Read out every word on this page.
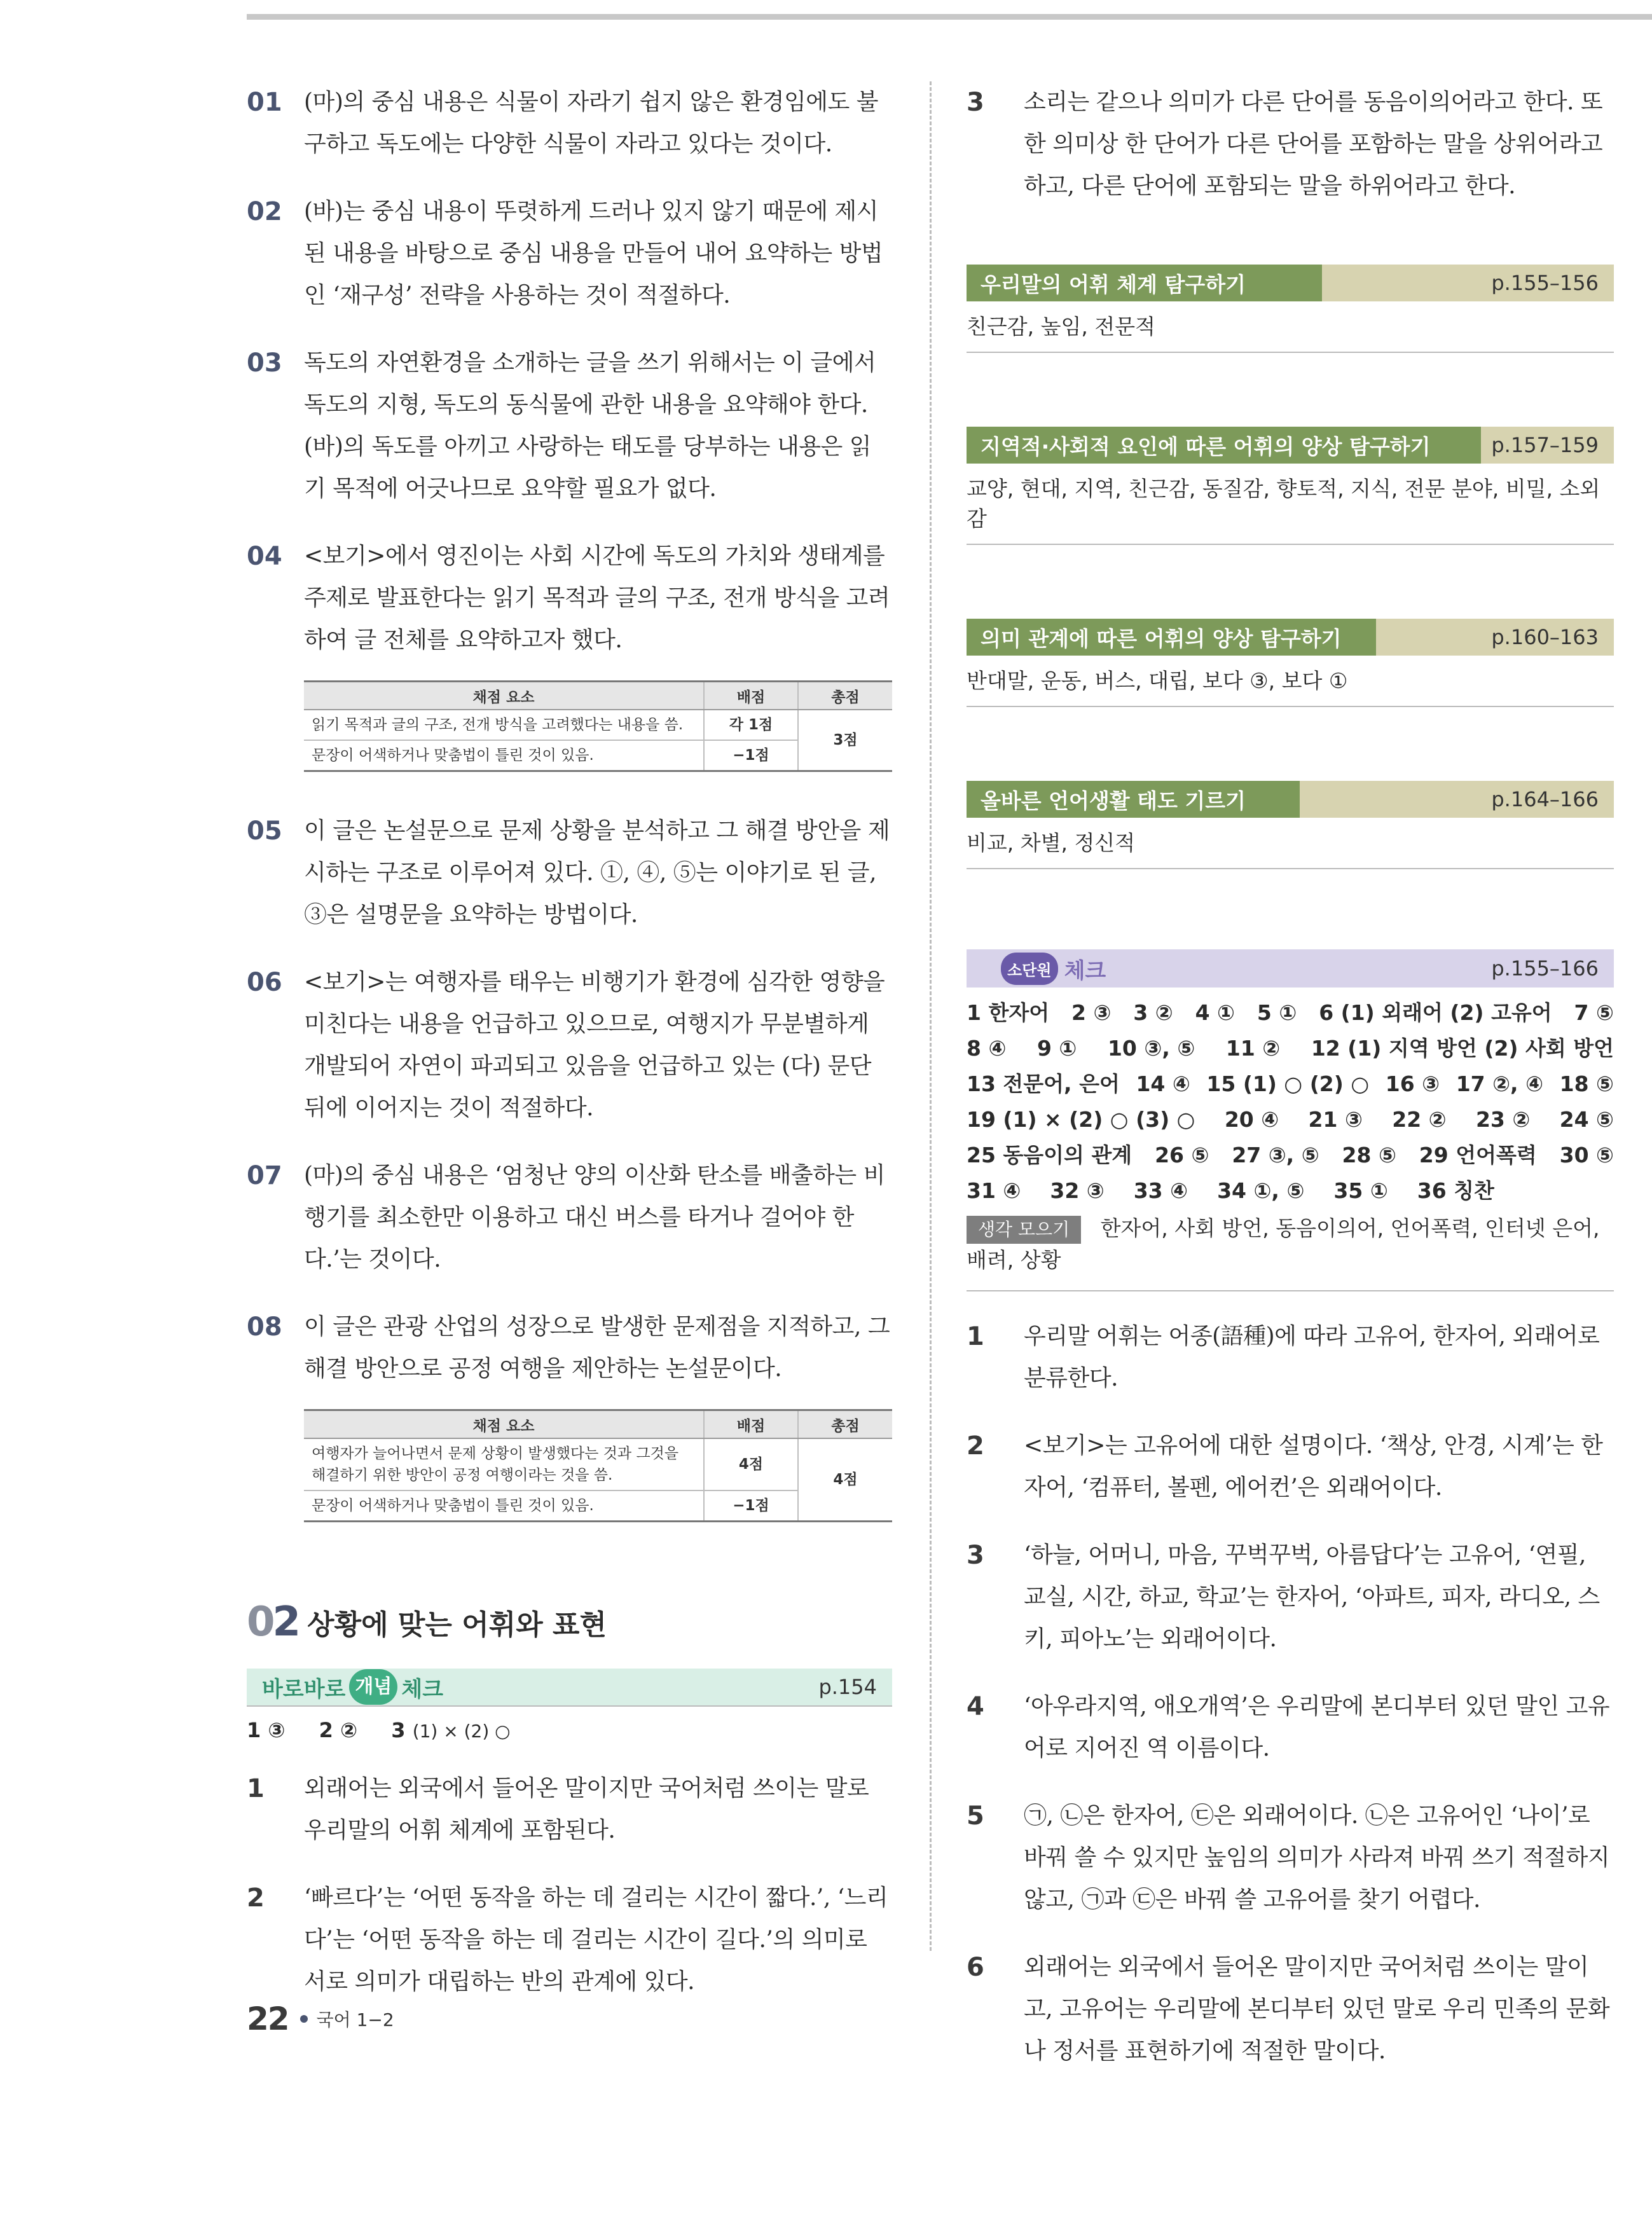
01 (마)의 중심 내용은 식물이 자라기 쉽지 않은 환경임에도 불구하고 독도에는 다양한 식물이 자라고 있다는 것이다.
02 (바)는 중심 내용이 뚜렷하게 드러나 있지 않기 때문에 제시된 내용을 바탕으로 중심 내용을 만들어 내어 요약하는 방법인 ‘재구성’ 전략을 사용하는 것이 적절하다.
03 독도의 자연환경을 소개하는 글을 쓰기 위해서는 이 글에서 독도의 지형, 독도의 동식물에 관한 내용을 요약해야 한다. (바)의 독도를 아끼고 사랑하는 태도를 당부하는 내용은 읽기 목적에 어긋나므로 요약할 필요가 없다.
04 <보기>에서 영진이는 사회 시간에 독도의 가치와 생태계를 주제로 발표한다는 읽기 목적과 글의 구조, 전개 방식을 고려하여 글 전체를 요약하고자 했다.
채점 요소	배점	총점
읽기 목적과 글의 구조, 전개 방식을 고려했다는 내용을 씀.	각 1점	3점
문장이 어색하거나 맞춤법이 틀린 것이 있음.	−1점	
05 이 글은 논설문으로 문제 상황을 분석하고 그 해결 방안을 제시하는 구조로 이루어져 있다. ①, ④, ⑤는 이야기로 된 글, ③은 설명문을 요약하는 방법이다.
06 <보기>는 여행자를 태우는 비행기가 환경에 심각한 영향을 미친다는 내용을 언급하고 있으므로, 여행지가 무분별하게 개발되어 자연이 파괴되고 있음을 언급하고 있는 (다) 문단 뒤에 이어지는 것이 적절하다.
07 (마)의 중심 내용은 ‘엄청난 양의 이산화 탄소를 배출하는 비행기를 최소한만 이용하고 대신 버스를 타거나 걸어야 한다.’는 것이다.
08 이 글은 관광 산업의 성장으로 발생한 문제점을 지적하고, 그 해결 방안으로 공정 여행을 제안하는 논설문이다.
채점 요소	배점	총점
여행자가 늘어나면서 문제 상황이 발생했다는 것과 그것을 해결하기 위한 방안이 공정 여행이라는 것을 씀.	4점	4점
문장이 어색하거나 맞춤법이 틀린 것이 있음.	−1점	
02 상황에 맞는 어휘와 표현
바로바로 개념 체크	p.154
1 ③ 2 ② 3 (1) × (2) ○
1	외래어는 외국에서 들어온 말이지만 국어처럼 쓰이는 말로 우리말의 어휘 체계에 포함된다.
2	‘빠르다’는 ‘어떤 동작을 하는 데 걸리는 시간이 짧다.’, ‘느리다’는 ‘어떤 동작을 하는 데 걸리는 시간이 길다.’의 의미로 서로 의미가 대립하는 반의 관계에 있다.
3	소리는 같으나 의미가 다른 단어를 동음이의어라고 한다. 또 한 의미상 한 단어가 다른 단어를 포함하는 말을 상위어라고 하고, 다른 단어에 포함되는 말을 하위어라고 한다.
우리말의 어휘 체계 탐구하기	p.155–156
친근감, 높임, 전문적
지역적·사회적 요인에 따른 어휘의 양상 탐구하기	p.157–159
교양, 현대, 지역, 친근감, 동질감, 향토적, 지식, 전문 분야, 비밀, 소외감
의미 관계에 따른 어휘의 양상 탐구하기	p.160–163
반대말, 운동, 버스, 대립, 보다 ③, 보다 ①
올바른 언어생활 태도 기르기	p.164–166
비교, 차별, 정신적
소단원 체크	p.155–166
1 한자어 2 ③ 3 ② 4 ① 5 ① 6 (1) 외래어 (2) 고유어 7 ⑤
8 ④ 9 ① 10 ③, ⑤ 11 ② 12 (1) 지역 방언 (2) 사회 방언
13 전문어, 은어 14 ④ 15 (1) ○ (2) ○ 16 ③ 17 ②, ④ 18 ⑤
19 (1) × (2) ○ (3) ○ 20 ④ 21 ③ 22 ② 23 ② 24 ⑤
25 동음이의 관계 26 ⑤ 27 ③, ⑤ 28 ⑤ 29 언어폭력 30 ⑤
31 ④ 32 ③ 33 ④ 34 ①, ⑤ 35 ① 36 칭찬
생각 모으기 한자어, 사회 방언, 동음이의어, 언어폭력, 인터넷 은어, 배려, 상황
1	우리말 어휘는 어종(語種)에 따라 고유어, 한자어, 외래어로 분류한다.
2	<보기>는 고유어에 대한 설명이다. ‘책상, 안경, 시계’는 한자어, ‘컴퓨터, 볼펜, 에어컨’은 외래어이다.
3	‘하늘, 어머니, 마음, 꾸벅꾸벅, 아름답다’는 고유어, ‘연필, 교실, 시간, 하교, 학교’는 한자어, ‘아파트, 피자, 라디오, 스키, 피아노’는 외래어이다.
4	‘아우라지역, 애오개역’은 우리말에 본디부터 있던 말인 고유어로 지어진 역 이름이다.
5	㉠, ㉡은 한자어, ㉢은 외래어이다. ㉡은 고유어인 ‘나이’로 바꿔 쓸 수 있지만 높임의 의미가 사라져 바꿔 쓰기 적절하지 않고, ㉠과 ㉢은 바꿔 쓸 고유어를 찾기 어렵다.
6	외래어는 외국에서 들어온 말이지만 국어처럼 쓰이는 말이고, 고유어는 우리말에 본디부터 있던 말로 우리 민족의 문화나 정서를 표현하기에 적절한 말이다.
22 국어 1−2
